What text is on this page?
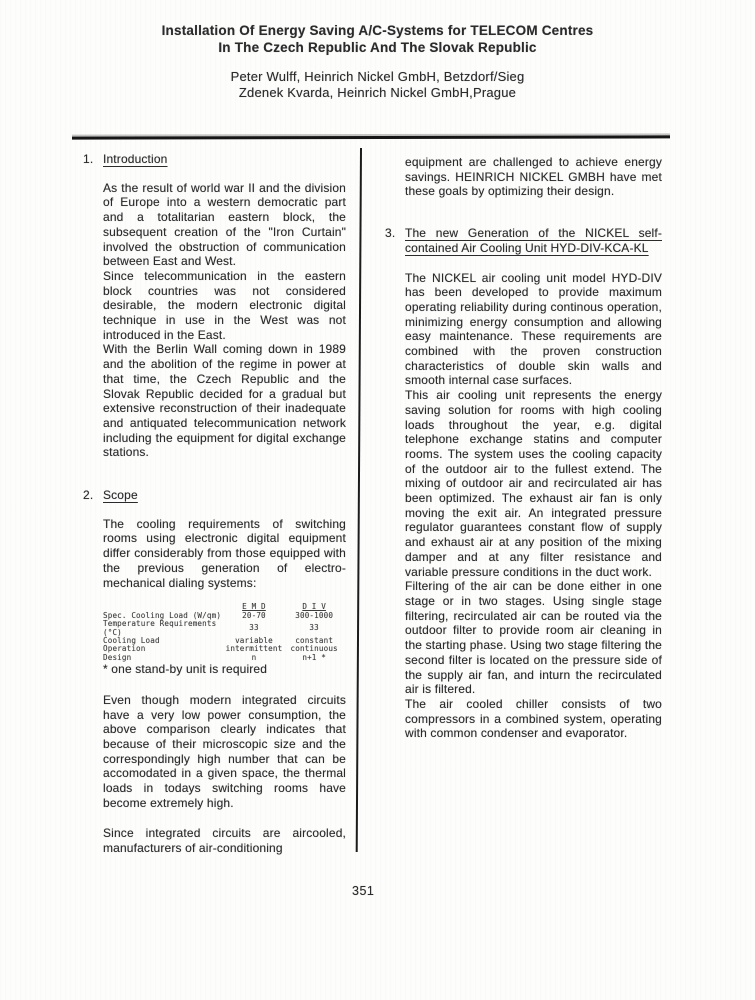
Installation Of Energy Saving A/C-Systems for TELECOM Centres
In The Czech Republic And The Slovak Republic
Peter Wulff, Heinrich Nickel GmbH, Betzdorf/Sieg
Zdenek Kvarda, Heinrich Nickel GmbH,Prague
1. Introduction

As the result of world war II and the division of Europe into a western democratic part and a totalitarian eastern block, the subsequent creation of the "Iron Curtain" involved the obstruction of communication between East and West.

Since telecommunication in the eastern block countries was not considered desirable, the modern electronic digital technique in use in the West was not introduced in the East.

With the Berlin Wall coming down in 1989 and the abolition of the regime in power at that time, the Czech Republic and the Slovak Republic decided for a gradual but extensive reconstruction of their inadequate and antiquated telecommunication network including the equipment for digital exchange stations.

2. Scope

The cooling requirements of switching rooms using electronic digital equipment differ considerably from those equipped with the previous generation of electro-mechanical dialing systems:

	E M D	D I V
Spec. Cooling Load (W/qm)	20-70	300-1000
Temperature Requirements (°C)	33	33
Cooling Load	variable	constant
Operation	intermittent	continuous
Design	n	n+1 *

* one stand-by unit is required

Even though modern integrated circuits have a very low power consumption, the above comparison clearly indicates that because of their microscopic size and the correspondingly high number that can be accomodated in a given space, the thermal loads in todays switching rooms have become extremely high.

Since integrated circuits are aircooled, manufacturers of air-conditioning

equipment are challenged to achieve energy savings. HEINRICH NICKEL GMBH have met these goals by optimizing their design.

3. The new Generation of the NICKEL self-contained Air Cooling Unit HYD-DIV-KCA-KL

The NICKEL air cooling unit model HYD-DIV has been developed to provide maximum operating reliability during continous operation, minimizing energy consumption and allowing easy maintenance. These requirements are combined with the proven construction characteristics of double skin walls and smooth internal case surfaces.

This air cooling unit represents the energy saving solution for rooms with high cooling loads throughout the year, e.g. digital telephone exchange statins and computer rooms. The system uses the cooling capacity of the outdoor air to the fullest extend. The mixing of outdoor air and recirculated air has been optimized. The exhaust air fan is only moving the exit air. An integrated pressure regulator guarantees constant flow of supply and exhaust air at any position of the mixing damper and at any filter resistance and variable pressure conditions in the duct work.

Filtering of the air can be done either in one stage or in two stages. Using single stage filtering, recirculated air can be routed via the outdoor filter to provide room air cleaning in the starting phase. Using two stage filtering the second filter is located on the pressure side of the supply air fan, and inturn the recirculated air is filtered.

The air cooled chiller consists of two compressors in a combined system, operating with common condenser and evaporator.

351
